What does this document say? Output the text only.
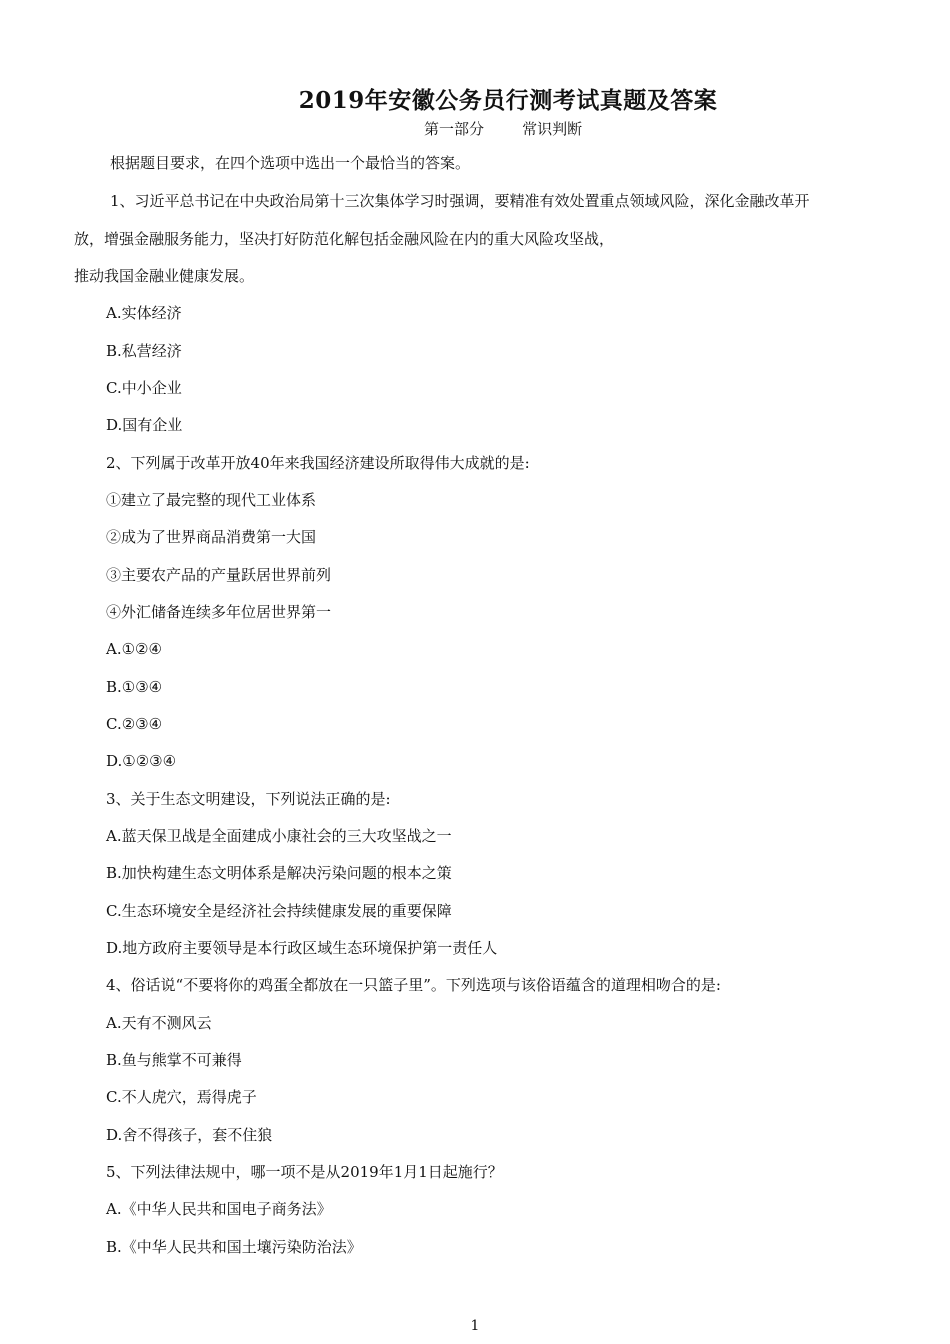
2019年安徽公务员行测考试真题及答案
第一部分        常识判断
根据题目要求，在四个选项中选出一个最恰当的答案。
1、习近平总书记在中央政治局第十三次集体学习时强调，要精准有效处置重点领域风险，深化金融改革开
放，增强金融服务能力，坚决打好防范化解包括金融风险在内的重大风险攻坚战，
推动我国金融业健康发展。
A.实体经济
B.私营经济
C.中小企业
D.国有企业
2、下列属于改革开放40年来我国经济建设所取得伟大成就的是:
①建立了最完整的现代工业体系
②成为了世界商品消费第一大国
③主要农产品的产量跃居世界前列
④外汇储备连续多年位居世界第一
A.①②④
B.①③④
C.②③④
D.①②③④
3、关于生态文明建设，下列说法正确的是:
A.蓝天保卫战是全面建成小康社会的三大攻坚战之一
B.加快构建生态文明体系是解决污染问题的根本之策
C.生态环境安全是经济社会持续健康发展的重要保障
D.地方政府主要领导是本行政区域生态环境保护第一责任人
4、俗话说“不要将你的鸡蛋全都放在一只篮子里”。下列选项与该俗语蕴含的道理相吻合的是:
A.天有不测风云
B.鱼与熊掌不可兼得
C.不人虎穴，焉得虎子
D.舍不得孩子，套不住狼
5、下列法律法规中，哪一项不是从2019年1月1日起施行？
A.《中华人民共和国电子商务法》
B.《中华人民共和国土壤污染防治法》
1
